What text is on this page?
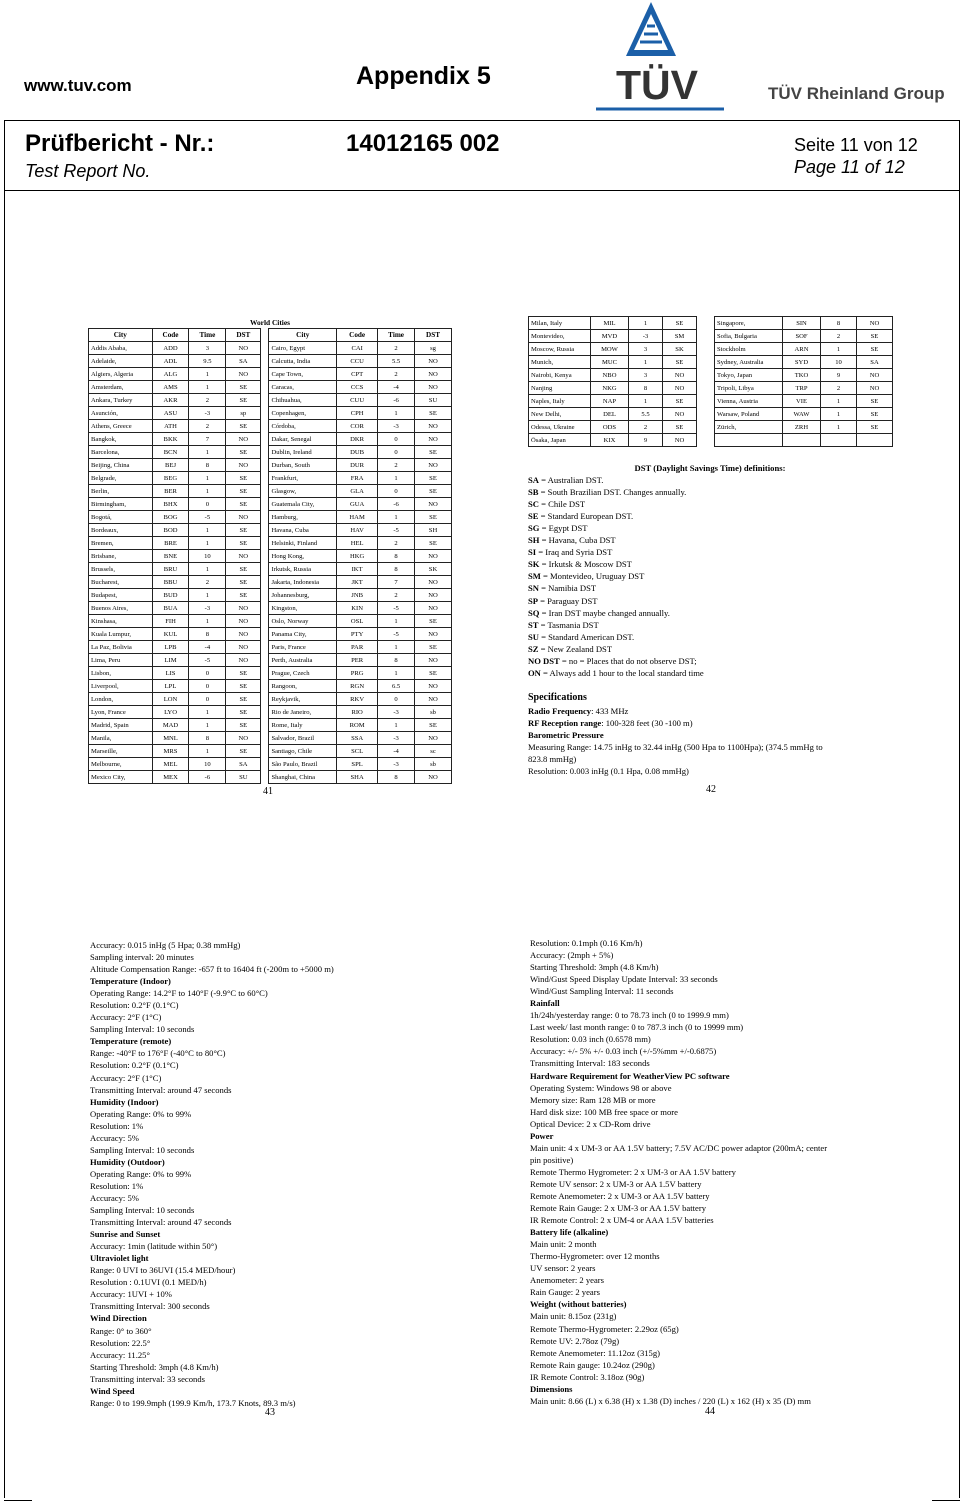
www.tuv.com	Appendix 5	TÜV	TÜV Rheinland Group
Prüfbericht - Nr.:
Test Report No.
14012165 002	Seite 11 von 12
Page 11 of 12
World Cities
City	Code	Time	DST		City	Code	Time	DST
Addis Ababa,	ADD	3	NO		Cairo, Egypt	CAI	2	sg
Adelaide,	ADL	9.5	SA		Calcutta, India	CCU	5.5	NO
Algiers, Algeria	ALG	1	NO		Cape Town,	CPT	2	NO
Amsterdam,	AMS	1	SE		Caracas,	CCS	-4	NO
Ankara, Turkey	AKR	2	SE		Chihuahua,	CUU	-6	SU
Asunción,	ASU	-3	sp		Copenhagen,	CPH	1	SE
Athens, Greece	ATH	2	SE		Córdoba,	COR	-3	NO
Bangkok,	BKK	7	NO		Dakar, Senegal	DKR	0	NO
Barcelona,	BCN	1	SE		Dublin, Ireland	DUB	0	SE
Beijing, China	BEJ	8	NO		Durban, South	DUR	2	NO
Belgrade,	BEG	1	SE		Frankfurt,	FRA	1	SE
Berlin,	BER	1	SE		Glasgow,	GLA	0	SE
Birmingham,	BHX	0	SE		Guatemala City,	GUA	-6	NO
Bogotá,	BOG	-5	NO		Hamburg,	HAM	1	SE
Bordeaux,	BOD	1	SE		Havana, Cuba	HAV	-5	SH
Bremen,	BRE	1	SE		Helsinki, Finland	HEL	2	SE
Brisbane,	BNE	10	NO		Hong Kong,	HKG	8	NO
Brussels,	BRU	1	SE		Irkutsk, Russia	IKT	8	SK
Bucharest,	BBU	2	SE		Jakarta, Indonesia	JKT	7	NO
Budapest,	BUD	1	SE		Johannesburg,	JNB	2	NO
Buenos Aires,	BUA	-3	NO		Kingston,	KIN	-5	NO
Kinshasa,	FIH	1	NO		Oslo, Norway	OSL	1	SE
Kuala Lumpur,	KUL	8	NO		Panama City,	PTY	-5	NO
La Paz, Bolivia	LPB	-4	NO		Paris, France	PAR	1	SE
Lima, Peru	LIM	-5	NO		Perth, Australia	PER	8	NO
Lisbon,	LIS	0	SE		Prague, Czech	PRG	1	SE
Liverpool,	LPL	0	SE		Rangoon,	RGN	6.5	NO
London,	LON	0	SE		Reykjavik,	RKV	0	NO
Lyon, France	LYO	1	SE		Rio de Janeiro,	RIO	-3	sb
Madrid, Spain	MAD	1	SE		Rome, Italy	ROM	1	SE
Manila,	MNL	8	NO		Salvador, Brazil	SSA	-3	NO
Marseille,	MRS	1	SE		Santiago, Chile	SCL	-4	sc
Melbourne,	MEL	10	SA		São Paulo, Brazil	SPL	-3	sb
Mexico City,	MEX	-6	SU		Shanghai, China	SHA	8	NO
41
Milan, Italy	MIL	1	SE		Singapore,	SIN	8	NO
Montevideo,	MVD	-3	SM		Sofia, Bulgaria	SOF	2	SE
Moscow, Russia	MOW	3	SK		Stockholm	ARN	1	SE
Munich,	MUC	1	SE		Sydney, Australia	SYD	10	SA
Nairobi, Kenya	NBO	3	NO		Tokyo, Japan	TKO	9	NO
Nanjing	NKG	8	NO		Tripoli, Libya	TRP	2	NO
Naples, Italy	NAP	1	SE		Vienna, Austria	VIE	1	SE
New Delhi,	DEL	5.5	NO		Warsaw, Poland	WAW	1	SE
Odessa, Ukraine	ODS	2	SE		Zürich,	ZRH	1	SE
Ōsaka, Japan	KIX	9	NO					
DST (Daylight Savings Time) definitions:
SA = Australian DST.
SB = South Brazilian DST. Changes annually.
SC = Chile DST
SE = Standard European DST.
SG = Egypt DST
SH = Havana, Cuba DST
SI = Iraq and Syria DST
SK = Irkutsk & Moscow DST
SM = Montevideo, Uruguay DST
SN = Namibia DST
SP = Paraguay DST
SQ = Iran DST maybe changed annually.
ST = Tasmania DST
SU = Standard American DST.
SZ = New Zealand DST
NO DST = no = Places that do not observe DST;
ON = Always add 1 hour to the local standard time
Specifications
Radio Frequency: 433 MHz
RF Reception range: 100-328 feet (30 -100 m)
Barometric Pressure
Measuring Range: 14.75 inHg to 32.44 inHg (500 Hpa to 1100Hpa); (374.5 mmHg to
823.8 mmHg)
Resolution: 0.003 inHg (0.1 Hpa, 0.08 mmHg)
42
Accuracy: 0.015 inHg (5 Hpa; 0.38 mmHg)
Sampling interval: 20 minutes
Altitude Compensation Range: -657 ft to 16404 ft (-200m to +5000 m)
Temperature (Indoor)
Operating Range: 14.2°F to 140°F (-9.9°C to 60°C)
Resolution: 0.2°F (0.1°C)
Accuracy: 2°F (1°C)
Sampling Interval: 10 seconds
Temperature (remote)
Range: -40°F to 176°F (-40°C to 80°C)
Resolution: 0.2°F (0.1°C)
Accuracy: 2°F (1°C)
Transmitting Interval: around 47 seconds
Humidity (Indoor)
Operating Range: 0% to 99%
Resolution: 1%
Accuracy: 5%
Sampling Interval: 10 seconds
Humidity (Outdoor)
Operating Range: 0% to 99%
Resolution: 1%
Accuracy: 5%
Sampling Interval: 10 seconds
Transmitting Interval: around 47 seconds
Sunrise and Sunset
Accuracy: 1min (latitude within 50°)
Ultraviolet light
Range: 0 UVI to 36UVI (15.4 MED/hour)
Resolution : 0.1UVI (0.1 MED/h)
Accuracy: 1UVI + 10%
Transmitting Interval: 300 seconds
Wind Direction
Range: 0° to 360°
Resolution: 22.5°
Accuracy: 11.25°
Starting Threshold: 3mph (4.8 Km/h)
Transmitting interval: 33 seconds
Wind Speed
Range: 0 to 199.9mph (199.9 Km/h, 173.7 Knots, 89.3 m/s)
43
Resolution: 0.1mph (0.16 Km/h)
Accuracy: (2mph + 5%)
Starting Threshold: 3mph (4.8 Km/h)
Wind/Gust Speed Display Update Interval: 33 seconds
Wind/Gust Sampling Interval: 11 seconds
Rainfall
1h/24h/yesterday range: 0 to 78.73 inch (0 to 1999.9 mm)
Last week/ last month range: 0 to 787.3 inch (0 to 19999 mm)
Resolution: 0.03 inch (0.6578 mm)
Accuracy: +/- 5% +/- 0.03 inch (+/-5%mm +/-0.6875)
Transmitting Interval: 183 seconds
Hardware Requirement for WeatherView PC software
Operating System: Windows 98 or above
Memory size: Ram 128 MB or more
Hard disk size: 100 MB free space or more
Optical Device: 2 x CD-Rom drive
Power
Main unit: 4 x UM-3 or AA 1.5V battery; 7.5V AC/DC power adaptor (200mA; center
pin positive)
Remote Thermo Hygrometer: 2 x UM-3 or AA 1.5V battery
Remote UV sensor: 2 x UM-3 or AA 1.5V battery
Remote Anemometer: 2 x UM-3 or AA 1.5V battery
Remote Rain Gauge: 2 x UM-3 or AA 1.5V battery
IR Remote Control: 2 x UM-4 or AAA 1.5V batteries
Battery life (alkaline)
Main unit: 2 month
Thermo-Hygrometer: over 12 months
UV sensor: 2 years
Anemometer: 2 years
Rain Gauge: 2 years
Weight (without batteries)
Main unit: 8.15oz (231g)
Remote Thermo-Hygrometer: 2.29oz (65g)
Remote UV: 2.78oz (79g)
Remote Anemometer: 11.12oz (315g)
Remote Rain gauge: 10.24oz (290g)
IR Remote Control: 3.18oz (90g)
Dimensions
Main unit: 8.66 (L) x 6.38 (H) x 1.38 (D) inches / 220 (L) x 162 (H) x 35 (D) mm
44
